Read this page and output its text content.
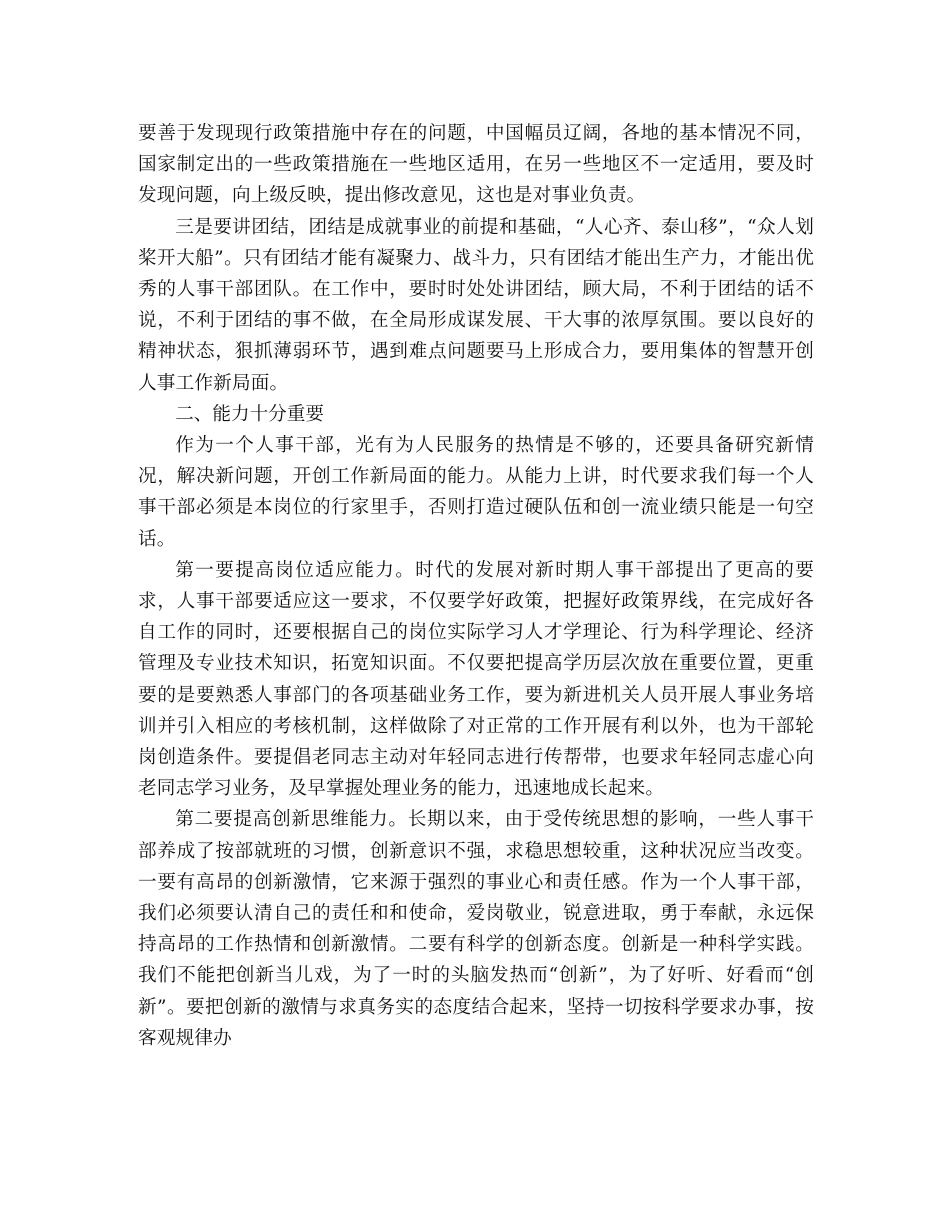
要善于发现现行政策措施中存在的问题，中国幅员辽阔，各地的基本情况不同，国家制定出的一些政策措施在一些地区适用，在另一些地区不一定适用，要及时发现问题，向上级反映，提出修改意见，这也是对事业负责。

三是要讲团结，团结是成就事业的前提和基础，“人心齐、泰山移”，“众人划桨开大船”。只有团结才能有凝聚力、战斗力，只有团结才能出生产力，才能出优秀的人事干部团队。在工作中，要时时处处讲团结，顾大局，不利于团结的话不说，不利于团结的事不做，在全局形成谋发展、干大事的浓厚氛围。要以良好的精神状态，狠抓薄弱环节，遇到难点问题要马上形成合力，要用集体的智慧开创人事工作新局面。

二、能力十分重要

作为一个人事干部，光有为人民服务的热情是不够的，还要具备研究新情况，解决新问题，开创工作新局面的能力。从能力上讲，时代要求我们每一个人事干部必须是本岗位的行家里手，否则打造过硬队伍和创一流业绩只能是一句空话。

第一要提高岗位适应能力。时代的发展对新时期人事干部提出了更高的要求，人事干部要适应这一要求，不仅要学好政策，把握好政策界线，在完成好各自工作的同时，还要根据自己的岗位实际学习人才学理论、行为科学理论、经济管理及专业技术知识，拓宽知识面。不仅要把提高学历层次放在重要位置，更重要的是要熟悉人事部门的各项基础业务工作，要为新进机关人员开展人事业务培训并引入相应的考核机制，这样做除了对正常的工作开展有利以外，也为干部轮岗创造条件。要提倡老同志主动对年轻同志进行传帮带，也要求年轻同志虚心向老同志学习业务，及早掌握处理业务的能力，迅速地成长起来。

第二要提高创新思维能力。长期以来，由于受传统思想的影响，一些人事干部养成了按部就班的习惯，创新意识不强，求稳思想较重，这种状况应当改变。一要有高昂的创新激情，它来源于强烈的事业心和责任感。作为一个人事干部，我们必须要认清自己的责任和和使命，爱岗敬业，锐意进取，勇于奉献，永远保持高昂的工作热情和创新激情。二要有科学的创新态度。创新是一种科学实践。我们不能把创新当儿戏，为了一时的头脑发热而“创新”，为了好听、好看而“创新”。要把创新的激情与求真务实的态度结合起来，坚持一切按科学要求办事，按客观规律办
